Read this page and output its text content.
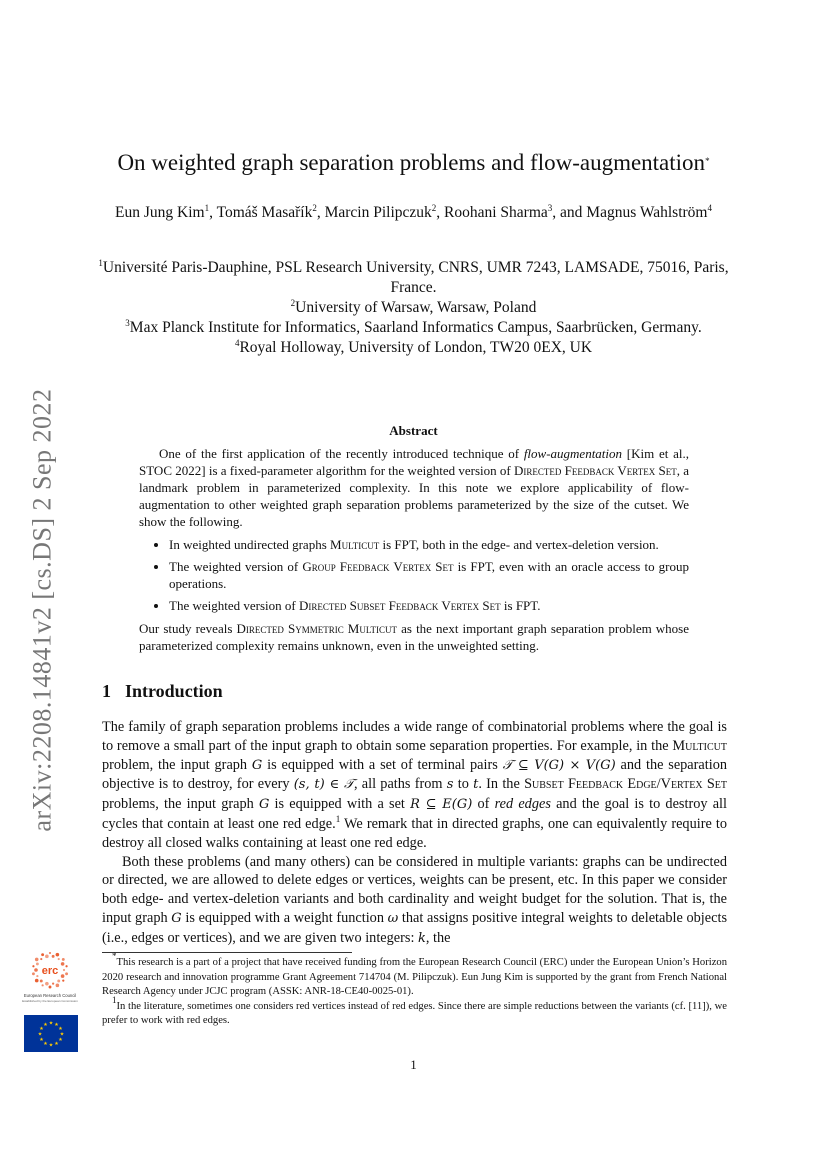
arXiv:2208.14841v2 [cs.DS] 2 Sep 2022
On weighted graph separation problems and flow-augmentation*
Eun Jung Kim$^1$, Tomáš Masařík$^2$, Marcin Pilipczuk$^2$, Roohani Sharma$^3$, and Magnus Wahlström$^4$
$^1$Université Paris-Dauphine, PSL Research University, CNRS, UMR 7243, LAMSADE, 75016, Paris, France.
$^2$University of Warsaw, Warsaw, Poland
$^3$Max Planck Institute for Informatics, Saarland Informatics Campus, Saarbrücken, Germany.
$^4$Royal Holloway, University of London, TW20 0EX, UK
Abstract

One of the first application of the recently introduced technique of flow-augmentation [Kim et al., STOC 2022] is a fixed-parameter algorithm for the weighted version of Directed Feedback Vertex Set, a landmark problem in parameterized complexity. In this note we explore applicability of flow-augmentation to other weighted graph separation problems parameterized by the size of the cutset. We show the following.

• In weighted undirected graphs Multicut is FPT, both in the edge- and vertex-deletion version.
• The weighted version of Group Feedback Vertex Set is FPT, even with an oracle access to group operations.
• The weighted version of Directed Subset Feedback Vertex Set is FPT.

Our study reveals Directed Symmetric Multicut as the next important graph separation problem whose parameterized complexity remains unknown, even in the unweighted setting.

1 Introduction

The family of graph separation problems includes a wide range of combinatorial problems where the goal is to remove a small part of the input graph to obtain some separation properties. For example, in the Multicut problem, the input graph G is equipped with a set of terminal pairs 𝒯 ⊆ V(G) × V(G) and the separation objective is to destroy, for every (s, t) ∈ 𝒯, all paths from s to t. In the Subset Feedback Edge/Vertex Set problems, the input graph G is equipped with a set R ⊆ E(G) of red edges and the goal is to destroy all cycles that contain at least one red edge.$^1$ We remark that in directed graphs, one can equivalently require to destroy all closed walks containing at least one red edge.

Both these problems (and many others) can be considered in multiple variants: graphs can be undirected or directed, we are allowed to delete edges or vertices, weights can be present, etc. In this paper we consider both edge- and vertex-deletion variants and both cardinality and weight budget for the solution. That is, the input graph G is equipped with a weight function ω that assigns positive integral weights to deletable objects (i.e., edges or vertices), and we are given two integers: k, the

erc
European Research Council
Established by the European Commission
★ ★
★
★
★
★
★
★
★
★
★
★

*This research is a part of a project that have received funding from the European Research Council (ERC) under the European Union’s Horizon 2020 research and innovation programme Grant Agreement 714704 (M. Pilipczuk). Eun Jung Kim is supported by the grant from French National Research Agency under JCJC program (ASSK: ANR-18-CE40-0025-01).

$^1$In the literature, sometimes one considers red vertices instead of red edges. Since there are simple reductions between the variants (cf. [11]), we prefer to work with red edges.

1
